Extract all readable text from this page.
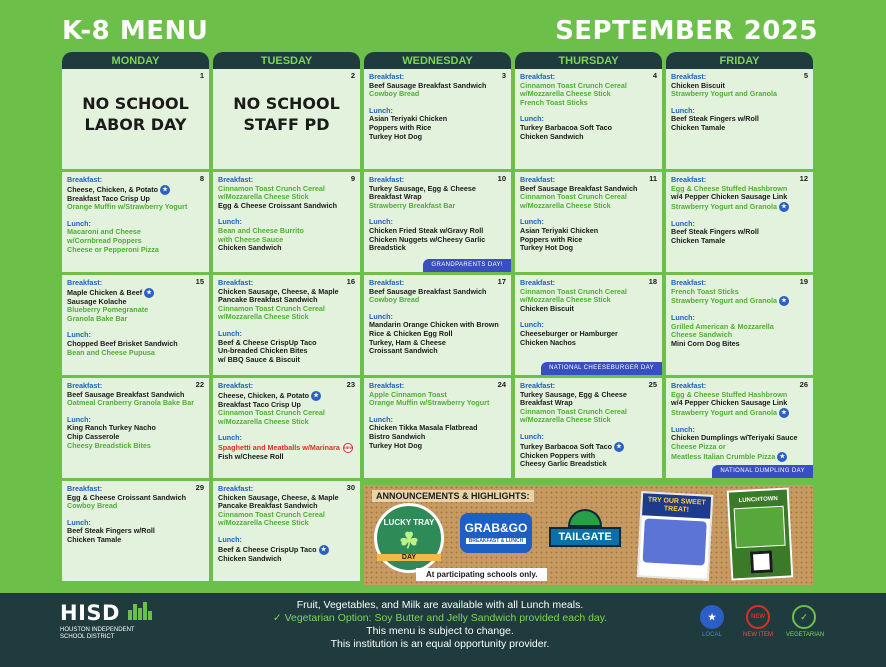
K-8 MENU	SEPTEMBER 2025
MONDAY	TUESDAY	WEDNESDAY	THURSDAY	FRIDAY
1
NO SCHOOL
LABOR DAY
2
NO SCHOOL
STAFF PD
3
Breakfast:
Beef Sausage Breakfast Sandwich
Cowboy Bread
Lunch:
Asian Teriyaki Chicken
Poppers with Rice
Turkey Hot Dog
4
Breakfast:
Cinnamon Toast Crunch Cereal
w/Mozzarella Cheese Stick
French Toast Sticks
Lunch:
Turkey Barbacoa Soft Taco
Chicken Sandwich
5
Breakfast:
Chicken Biscuit
Strawberry Yogurt and Granola
Lunch:
Beef Steak Fingers w/Roll
Chicken Tamale
8
Breakfast:
Cheese, Chicken, & Potato ★
Breakfast Taco Crisp Up
Orange Muffin w/Strawberry Yogurt
Lunch:
Macaroni and Cheese
w/Cornbread Poppers
Cheese or Pepperoni Pizza
9
Breakfast:
Cinnamon Toast Crunch Cereal
w/Mozzarella Cheese Stick
Egg & Cheese Croissant Sandwich
Lunch:
Bean and Cheese Burrito
with Cheese Sauce
Chicken Sandwich
10
Breakfast:
Turkey Sausage, Egg & Cheese
Breakfast Wrap
Strawberry Breakfast Bar
Lunch:
Chicken Fried Steak w/Gravy Roll
Chicken Nuggets w/Cheesy Garlic
Breadstick
GRANDPARENTS DAY!
11
Breakfast:
Beef Sausage Breakfast Sandwich
Cinnamon Toast Crunch Cereal
w/Mozzarella Cheese Stick
Lunch:
Asian Teriyaki Chicken
Poppers with Rice
Turkey Hot Dog
12
Breakfast:
Egg & Cheese Stuffed Hashbrown
w/4 Pepper Chicken Sausage Link
Strawberry Yogurt and Granola ★
Lunch:
Beef Steak Fingers w/Roll
Chicken Tamale
15
Breakfast:
Maple Chicken & Beef ★
Sausage Kolache
Blueberry Pomegranate
Granola Bake Bar
Lunch:
Chopped Beef Brisket Sandwich
Bean and Cheese Pupusa
16
Breakfast:
Chicken Sausage, Cheese, & Maple
Pancake Breakfast Sandwich
Cinnamon Toast Crunch Cereal
w/Mozzarella Cheese Stick
Lunch:
Beef & Cheese CrispUp Taco
Un-breaded Chicken Bites
w/ BBQ Sauce & Biscuit
17
Breakfast:
Beef Sausage Breakfast Sandwich
Cowboy Bread
Lunch:
Mandarin Orange Chicken with Brown
Rice & Chicken Egg Roll
Turkey, Ham & Cheese
Croissant Sandwich
18
Breakfast:
Cinnamon Toast Crunch Cereal
w/Mozzarella Cheese Stick
Chicken Biscuit
Lunch:
Cheeseburger or Hamburger
Chicken Nachos
NATIONAL CHEESEBURGER DAY
19
Breakfast:
French Toast Sticks
Strawberry Yogurt and Granola ★
Lunch:
Grilled American & Mozzarella
Cheese Sandwich
Mini Corn Dog Bites
22
Breakfast:
Beef Sausage Breakfast Sandwich
Oatmeal Cranberry Granola Bake Bar
Lunch:
King Ranch Turkey Nacho
Chip Casserole
Cheesy Breadstick Bites
23
Breakfast:
Cheese, Chicken, & Potato ★
Breakfast Taco Crisp Up
Cinnamon Toast Crunch Cereal
w/Mozzarella Cheese Stick
Lunch:
Spaghetti and Meatballs w/Marinara NEW
Fish w/Cheese Roll
24
Breakfast:
Apple Cinnamon Toast
Orange Muffin w/Strawberry Yogurt
Lunch:
Chicken Tikka Masala Flatbread
Bistro Sandwich
Turkey Hot Dog
25
Breakfast:
Turkey Sausage, Egg & Cheese
Breakfast Wrap
Cinnamon Toast Crunch Cereal
w/Mozzarella Cheese Stick
Lunch:
Turkey Barbacoa Soft Taco ★
Chicken Poppers with
Cheesy Garlic Breadstick
26
Breakfast:
Egg & Cheese Stuffed Hashbrown
w/4 Pepper Chicken Sausage Link
Strawberry Yogurt and Granola ★
Lunch:
Chicken Dumplings w/Teriyaki Sauce
Cheese Pizza or
Meatless Italian Crumble Pizza ★
NATIONAL DUMPLING DAY
29
Breakfast:
Egg & Cheese Croissant Sandwich
Cowboy Bread
Lunch:
Beef Steak Fingers w/Roll
Chicken Tamale
30
Breakfast:
Chicken Sausage, Cheese, & Maple
Pancake Breakfast Sandwich
Cinnamon Toast Crunch Cereal
w/Mozzarella Cheese Stick
Lunch:
Beef & Cheese CrispUp Taco ★
Chicken Sandwich
ANNOUNCEMENTS & HIGHLIGHTS:
LUCKY TRAY
☘
DAY
GRAB&GO
BREAKFAST & LUNCH	TAILGATE
At participating schools only.
TRY OUR SWEET TREAT!
LUNCHTOWN
HISD
HOUSTON INDEPENDENT
SCHOOL DISTRICT
Fruit, Vegetables, and Milk are available with all Lunch meals.
✓ Vegetarian Option: Soy Butter and Jelly Sandwich provided each day.
This menu is subject to change.
This institution is an equal opportunity provider.
★
LOCAL
NEW
NEW ITEM
✓
VEGETARIAN
